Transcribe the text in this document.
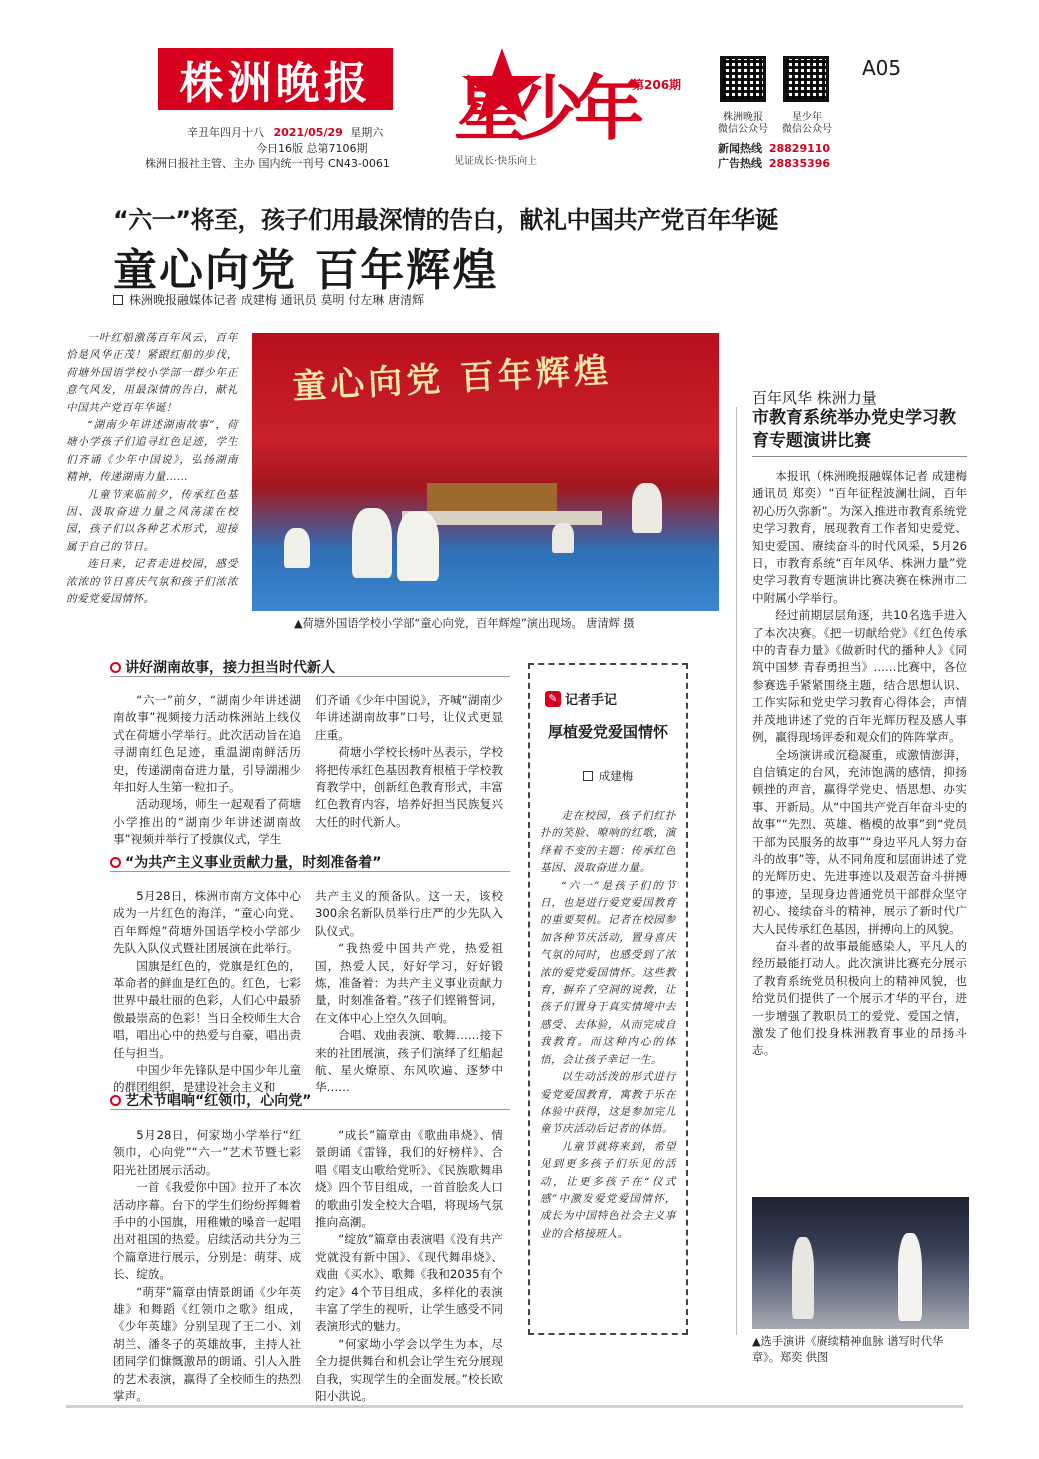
株洲晚报
辛丑年四月十八 2021/05/29 星期六
今日16版 总第7106期
株洲日报社主管、主办 国内统一刊号 CN43-0061
星少年
第206期
见证成长·快乐向上
株洲晚报
微信公众号
星少年
微信公众号
新闻热线 28829110
广告热线 28835396
A05
“六一”将至，孩子们用最深情的告白，献礼中国共产党百年华诞
童心向党 百年辉煌
株洲晚报融媒体记者 成建梅 通讯员 莫明 付左琳 唐清辉

一叶红船激荡百年风云，百年恰是风华正茂！紧跟红船的步伐，荷塘外国语学校小学部一群少年正意气风发，用最深情的告白，献礼中国共产党百年华诞！

“湖南少年讲述湖南故事”，荷塘小学孩子们追寻红色足迹，学生们齐诵《少年中国说》，弘扬湖南精神，传递湖南力量……

儿童节来临前夕，传承红色基因、汲取奋进力量之风荡漾在校园，孩子们以各种艺术形式，迎接属于自己的节日。

连日来，记者走进校园，感受浓浓的节日喜庆气氛和孩子们浓浓的爱党爱国情怀。

童心向党 百年辉煌
▲荷塘外国语学校小学部“童心向党，百年辉煌”演出现场。 唐清辉 摄
讲好湖南故事，接力担当时代新人

“六一”前夕，“湖南少年讲述湖南故事”视频接力活动株洲站上线仪式在荷塘小学举行。此次活动旨在追寻湖南红色足迹，重温湖南鲜活历史，传递湖南奋进力量，引导湖湘少年扣好人生第一粒扣子。

活动现场，师生一起观看了荷塘小学推出的“湖南少年讲述湖南故事”视频并举行了授旗仪式，学生

们齐诵《少年中国说》，齐喊“湖南少年讲述湖南故事”口号，让仪式更显庄重。

荷塘小学校长杨叶丛表示，学校将把传承红色基因教育根植于学校教育教学中，创新红色教育形式，丰富红色教育内容，培养好担当民族复兴大任的时代新人。

“为共产主义事业贡献力量，时刻准备着”

5月28日，株洲市南方文体中心成为一片红色的海洋，“童心向党、百年辉煌”荷塘外国语学校小学部少先队入队仪式暨社团展演在此举行。

国旗是红色的，党旗是红色的，革命者的鲜血是红色的。红色，七彩世界中最壮丽的色彩，人们心中最骄傲最崇高的色彩！当日全校师生大合唱，唱出心中的热爱与自豪，唱出责任与担当。

中国少年先锋队是中国少年儿童的群团组织，是建设社会主义和

共产主义的预备队。这一天，该校300余名新队员举行庄严的少先队入队仪式。

“我热爱中国共产党，热爱祖国，热爱人民，好好学习，好好锻炼，准备着：为共产主义事业贡献力量，时刻准备着。”孩子们铿锵誓词，在文体中心上空久久回响。

合唱、戏曲表演、歌舞……接下来的社团展演，孩子们演绎了红船起航、星火燎原、东风吹遍、逐梦中华……

艺术节唱响“红领巾，心向党”

5月28日，何家坳小学举行“红领巾，心向党”“六一”艺术节暨七彩阳光社团展示活动。

一首《我爱你中国》拉开了本次活动序幕。台下的学生们纷纷挥舞着手中的小国旗，用稚嫩的嗓音一起唱出对祖国的热爱。启续活动共分为三个篇章进行展示，分别是：萌芽、成长、绽放。

“萌芽”篇章由情景朗诵《少年英雄》和舞蹈《红领巾之歌》组成，《少年英雄》分别呈现了王二小、刘胡兰、潘冬子的英雄故事，主持人社团同学们慷慨激昂的朗诵、引人入胜的艺术表演，赢得了全校师生的热烈掌声。

“成长”篇章由《歌曲串烧》、情景朗诵《雷锋，我们的好榜样》、合唱《唱支山歌给党听》、《民族歌舞串烧》四个节目组成，一首首脍炙人口的歌曲引发全校大合唱，将现场气氛推向高潮。

“绽放”篇章由表演唱《没有共产党就没有新中国》、《现代舞串烧》、戏曲《买水》、歌舞《我和2035有个约定》4个节目组成，多样化的表演丰富了学生的视听，让学生感受不同表演形式的魅力。

“何家坳小学会以学生为本，尽全力提供舞台和机会让学生充分展现自我，实现学生的全面发展。”校长欧阳小洪说。

✎ 记者手记
厚植爱党爱国情怀
成建梅

走在校园，孩子们红扑扑的笑脸、嘹响的红歌，演绎着不变的主题：传承红色基因、汲取奋进力量。

“六一”是孩子们的节日，也是进行爱党爱国教育的重要契机。记者在校园参加各种节庆活动，置身喜庆气氛的同时，也感受到了浓浓的爱党爱国情怀。这些教育，摒弃了空洞的说教，让孩子们置身于真实情境中去感受、去体验，从而完成自我教育。而这种内心的体悟，会让孩子幸记一生。

以生动活泼的形式进行爱党爱国教育，寓教于乐在体验中获得，这是参加完儿童节庆活动后记者的体悟。

儿童节就将来到，希望见到更多孩子们乐见的活动，让更多孩子在“仪式感”中激发爱党爱国情怀，成长为中国特色社会主义事业的合格接班人。

百年风华 株洲力量
市教育系统举办党史学习教育专题演讲比赛

本报讯（株洲晚报融媒体记者 成建梅 通讯员 郑奕）“百年征程波澜壮阔，百年初心历久弥新”。为深入推进市教育系统党史学习教育，展现教育工作者知史爱党、知史爱国、赓续奋斗的时代风采，5月26日，市教育系统“百年风华、株洲力量”党史学习教育专题演讲比赛决赛在株洲市二中附属小学举行。

经过前期层层角逐，共10名选手进入了本次决赛。《把一切献给党》《红色传承中的青春力量》《做新时代的播种人》《同筑中国梦 青春勇担当》……比赛中，各位参赛选手紧紧围绕主题，结合思想认识、工作实际和党史学习教育心得体会，声情并茂地讲述了党的百年光辉历程及感人事例，赢得现场评委和观众们的阵阵掌声。

全场演讲或沉稳凝重，或激情澎湃，自信镇定的台风，充沛饱满的感情，抑扬顿挫的声音，赢得学党史、悟思想、办实事、开新局。从“中国共产党百年奋斗史的故事”“先烈、英雄、楷模的故事”到“党员干部为民服务的故事”“身边平凡人努力奋斗的故事”等，从不同角度和层面讲述了党的光辉历史、先进事迹以及艰苦奋斗拼搏的事迹，呈现身边普通党员干部群众坚守初心、接续奋斗的精神，展示了新时代广大人民传承红色基因，拼搏向上的风貌。

奋斗者的故事最能感染人，平凡人的经历最能打动人。此次演讲比赛充分展示了教育系统党员积极向上的精神风貌，也给党员们提供了一个展示才华的平台，进一步增强了教职员工的爱党、爱国之情，激发了他们投身株洲教育事业的昂扬斗志。

▲选手演讲《赓续精神血脉 谱写时代华章》。郑奕 供图
